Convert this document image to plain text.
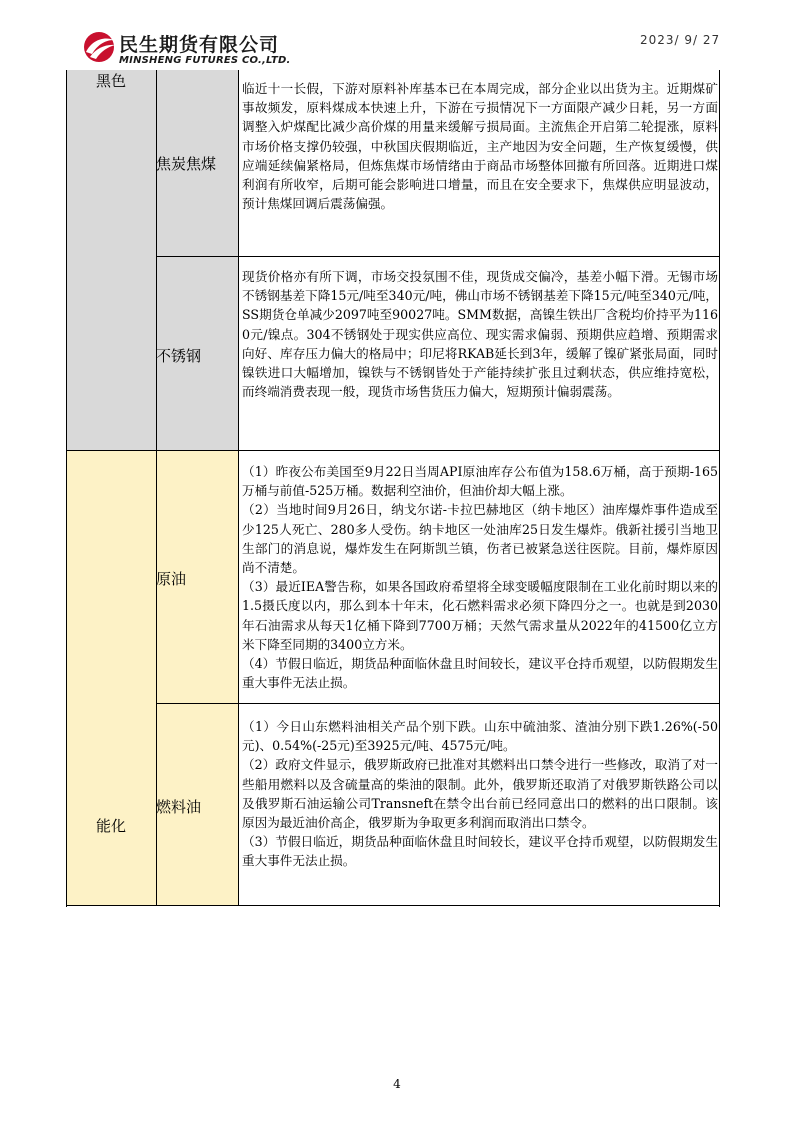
民生期货有限公司
MINSHENG FUTURES CO.,LTD.
2023/ 9/ 27
黑色
焦炭焦煤

临近十一长假，下游对原料补库基本已在本周完成，部分企业以出货为主。近期煤矿事故频发，原料煤成本快速上升，下游在亏损情况下一方面限产减少日耗，另一方面调整入炉煤配比减少高价煤的用量来缓解亏损局面。主流焦企开启第二轮提涨，原料市场价格支撑仍较强，中秋国庆假期临近，主产地因为安全问题，生产恢复缓慢，供应端延续偏紧格局，但炼焦煤市场情绪由于商品市场整体回撤有所回落。近期进口煤利润有所收窄，后期可能会影响进口增量，而且在安全要求下，焦煤供应明显波动，预计焦煤回调后震荡偏强。

不锈钢

现货价格亦有所下调，市场交投氛围不佳，现货成交偏冷，基差小幅下滑。无锡市场不锈钢基差下降15元/吨至340元/吨，佛山市场不锈钢基差下降15元/吨至340元/吨，SS期货仓单减少2097吨至90027吨。SMM数据，高镍生铁出厂含税均价持平为1160元/镍点。304不锈钢处于现实供应高位、现实需求偏弱、预期供应趋增、预期需求向好、库存压力偏大的格局中；印尼将RKAB延长到3年，缓解了镍矿紧张局面，同时镍铁进口大幅增加，镍铁与不锈钢皆处于产能持续扩张且过剩状态，供应维持宽松，而终端消费表现一般，现货市场售货压力偏大，短期预计偏弱震荡。

能化
原油

（1）昨夜公布美国至9月22日当周API原油库存公布值为158.6万桶，高于预期-165万桶与前值-525万桶。数据利空油价，但油价却大幅上涨。

（2）当地时间9月26日，纳戈尔诺-卡拉巴赫地区（纳卡地区）油库爆炸事件造成至少125人死亡、280多人受伤。纳卡地区一处油库25日发生爆炸。俄新社援引当地卫生部门的消息说，爆炸发生在阿斯凯兰镇，伤者已被紧急送往医院。目前，爆炸原因尚不清楚。

（3）最近IEA警告称，如果各国政府希望将全球变暖幅度限制在工业化前时期以来的1.5摄氏度以内，那么到本十年末，化石燃料需求必须下降四分之一。也就是到2030年石油需求从每天1亿桶下降到7700万桶；天然气需求量从2022年的41500亿立方米下降至同期的3400立方米。

（4）节假日临近，期货品种面临休盘且时间较长，建议平仓持币观望，以防假期发生重大事件无法止损。

燃料油

（1）今日山东燃料油相关产品个别下跌。山东中硫油浆、渣油分别下跌1.26%(-50元)、0.54%(-25元)至3925元/吨、4575元/吨。

（2）政府文件显示，俄罗斯政府已批准对其燃料出口禁令进行一些修改，取消了对一些船用燃料以及含硫量高的柴油的限制。此外，俄罗斯还取消了对俄罗斯铁路公司以及俄罗斯石油运输公司Transneft在禁令出台前已经同意出口的燃料的出口限制。该原因为最近油价高企，俄罗斯为争取更多利润而取消出口禁令。

（3）节假日临近，期货品种面临休盘且时间较长，建议平仓持币观望，以防假期发生重大事件无法止损。

4
